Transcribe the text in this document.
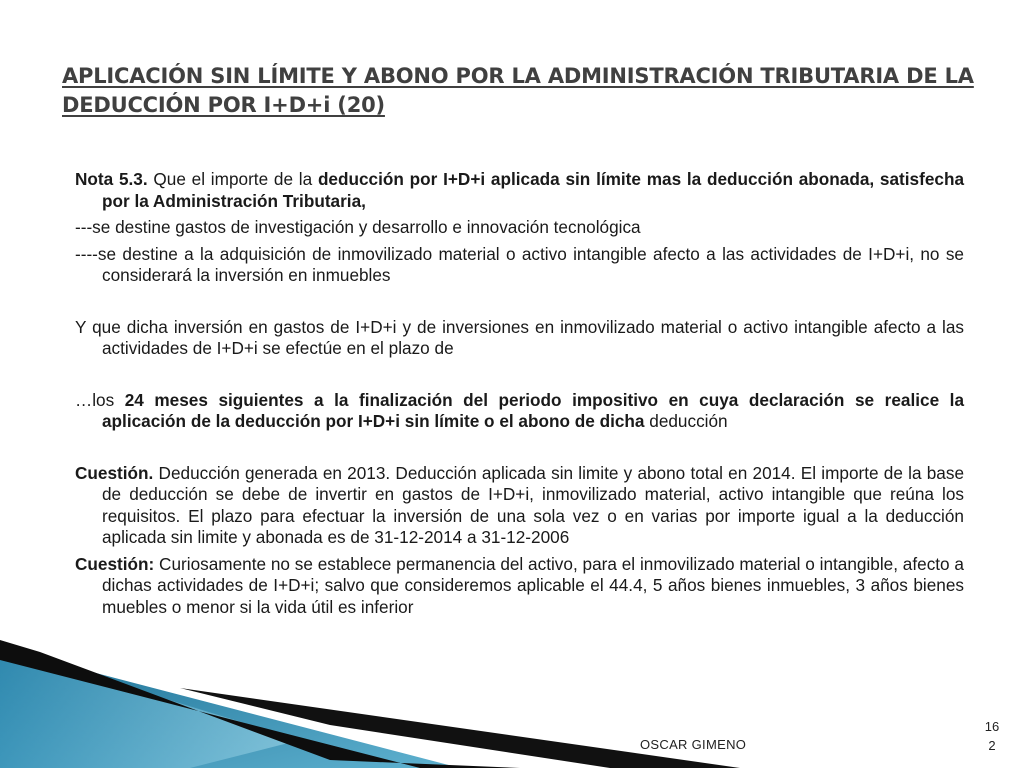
APLICACIÓN SIN LÍMITE Y ABONO POR LA ADMINISTRACIÓN TRIBUTARIA DE LA DEDUCCIÓN POR I+D+i (20)

Nota 5.3. Que el importe de la deducción por I+D+i aplicada sin límite mas la deducción abonada, satisfecha por la Administración Tributaria,

---se destine gastos de investigación y desarrollo e innovación tecnológica

----se destine a la adquisición de inmovilizado material o activo intangible afecto a las actividades de I+D+i, no se considerará la inversión en inmuebles

Y que dicha inversión en gastos de I+D+i y de inversiones en inmovilizado material o activo intangible afecto a las actividades de I+D+i se efectúe en el plazo de

…los 24 meses siguientes a la finalización del periodo impositivo en cuya declaración se realice la aplicación de la deducción por I+D+i sin límite o el abono de dicha deducción

Cuestión. Deducción generada en 2013. Deducción aplicada sin limite y abono total en 2014. El importe de la base de deducción se debe de invertir en gastos de I+D+i, inmovilizado material, activo intangible que reúna los requisitos. El plazo para efectuar la inversión de una sola vez o en varias por importe igual a la deducción aplicada sin limite y abonada es de 31-12-2014 a 31-12-2006

Cuestión: Curiosamente no se establece permanencia del activo, para el inmovilizado material o intangible, afecto a dichas actividades de I+D+i; salvo que consideremos aplicable el 44.4, 5 años bienes inmuebles, 3 años bienes muebles o menor si la vida útil es inferior

OSCAR GIMENO
16
2
